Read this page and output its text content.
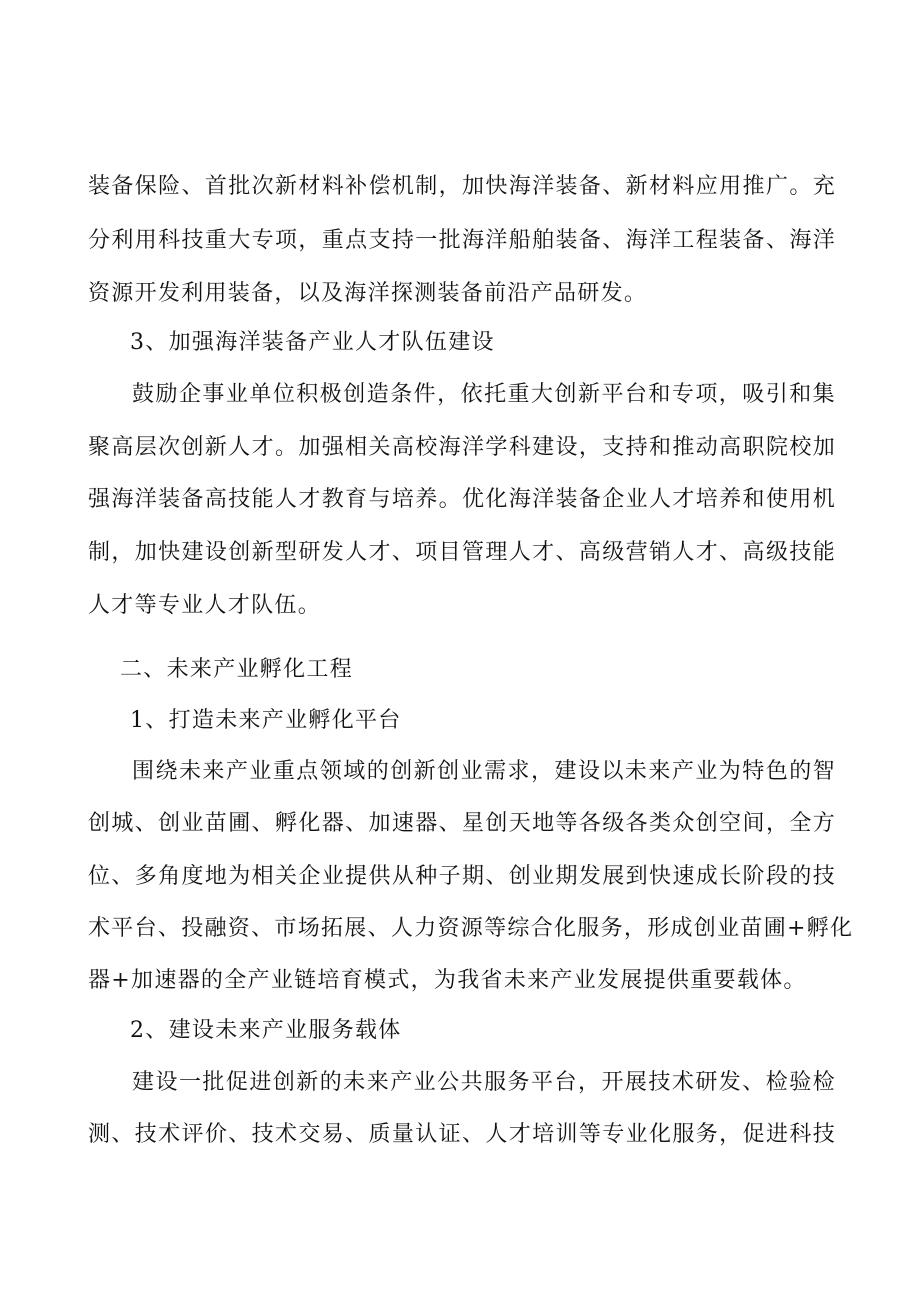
装备保险、首批次新材料补偿机制，加快海洋装备、新材料应用推广。充
分利用科技重大专项，重点支持一批海洋船舶装备、海洋工程装备、海洋
资源开发利用装备，以及海洋探测装备前沿产品研发。
3、加强海洋装备产业人才队伍建设
鼓励企事业单位积极创造条件，依托重大创新平台和专项，吸引和集
聚高层次创新人才。加强相关高校海洋学科建设，支持和推动高职院校加
强海洋装备高技能人才教育与培养。优化海洋装备企业人才培养和使用机
制，加快建设创新型研发人才、项目管理人才、高级营销人才、高级技能
人才等专业人才队伍。
二、未来产业孵化工程
1、打造未来产业孵化平台
围绕未来产业重点领域的创新创业需求，建设以未来产业为特色的智
创城、创业苗圃、孵化器、加速器、星创天地等各级各类众创空间，全方
位、多角度地为相关企业提供从种子期、创业期发展到快速成长阶段的技
术平台、投融资、市场拓展、人力资源等综合化服务，形成创业苗圃+孵化
器+加速器的全产业链培育模式，为我省未来产业发展提供重要载体。
2、建设未来产业服务载体
建设一批促进创新的未来产业公共服务平台，开展技术研发、检验检
测、技术评价、技术交易、质量认证、人才培训等专业化服务，促进科技
